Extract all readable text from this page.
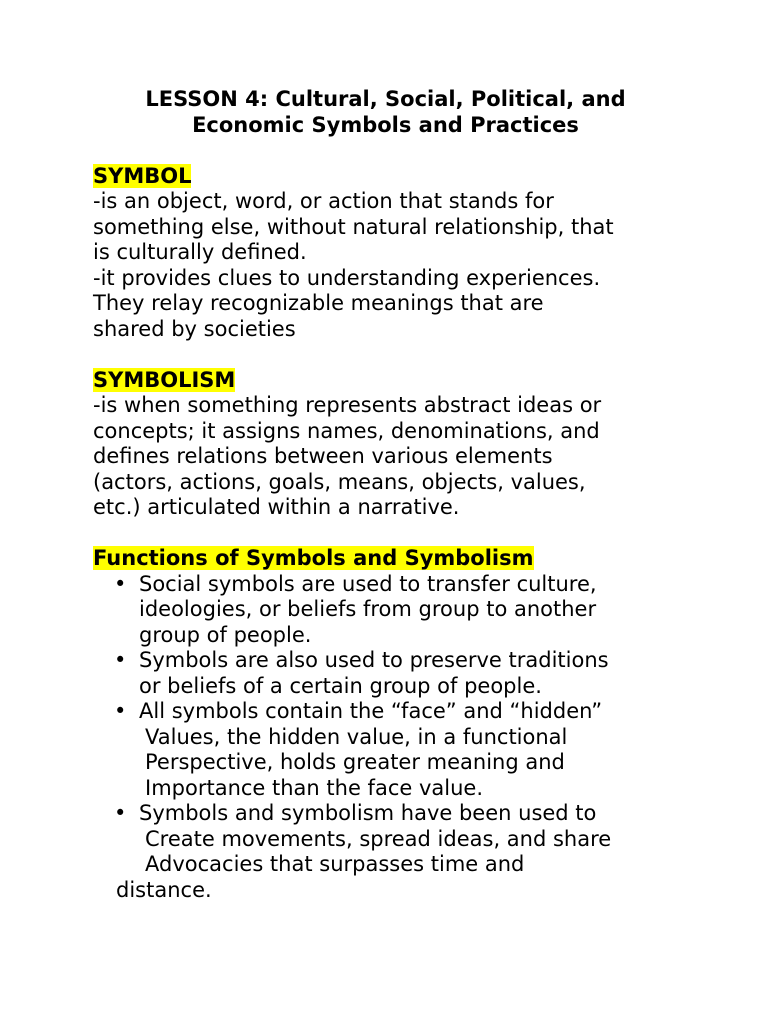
LESSON 4: Cultural, Social, Political, and
Economic Symbols and Practices

SYMBOL

-is an object, word, or action that stands for
something else, without natural relationship, that
is culturally defined.
-it provides clues to understanding experiences.
They relay recognizable meanings that are
shared by societies

SYMBOLISM

-is when something represents abstract ideas or
concepts; it assigns names, denominations, and
defines relations between various elements
(actors, actions, goals, means, objects, values,
etc.) articulated within a narrative.

Functions of Symbols and Symbolism

• Social symbols are used to transfer culture,
ideologies, or beliefs from group to another
group of people.
• Symbols are also used to preserve traditions
or beliefs of a certain group of people.
• All symbols contain the “face” and “hidden”
Values, the hidden value, in a functional
Perspective, holds greater meaning and
Importance than the face value.
• Symbols and symbolism have been used to
Create movements, spread ideas, and share
Advocacies that surpasses time and
distance.
